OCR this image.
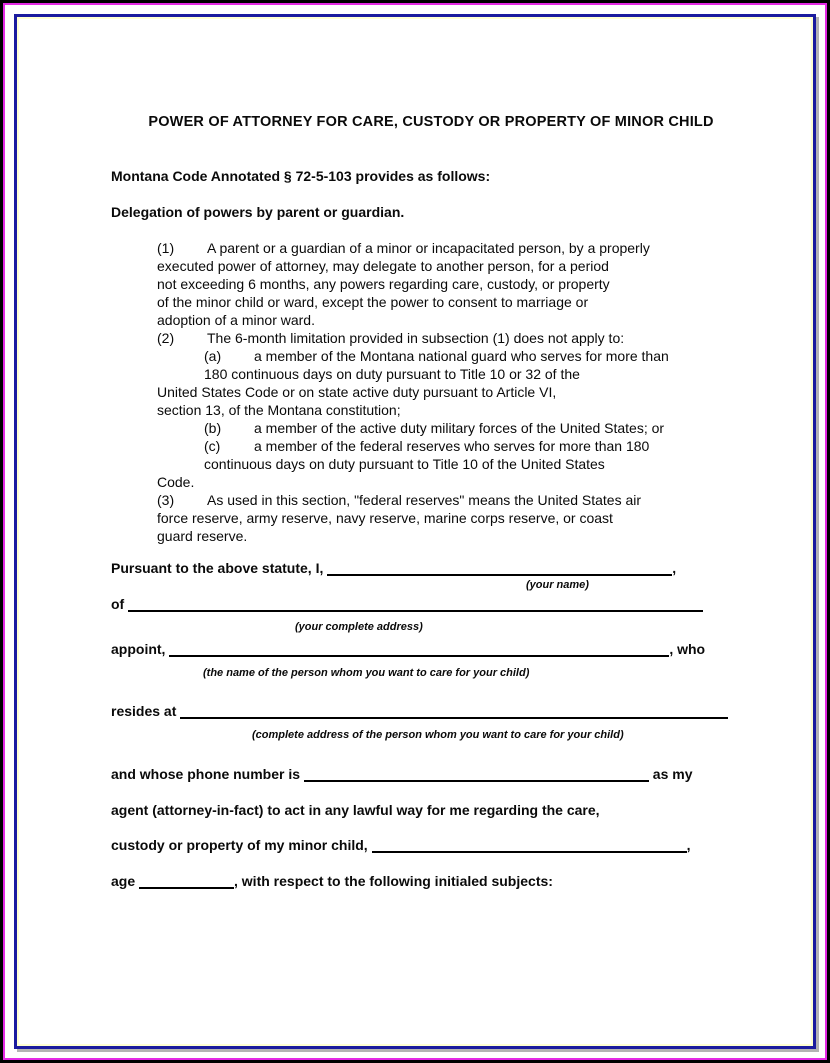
POWER OF ATTORNEY FOR CARE, CUSTODY OR PROPERTY OF MINOR CHILD
Montana Code Annotated § 72-5-103 provides as follows:
Delegation of powers by parent or guardian.
(1) A parent or a guardian of a minor or incapacitated person, by a properly
executed power of attorney, may delegate to another person, for a period
not exceeding 6 months, any powers regarding care, custody, or property
of the minor child or ward, except the power to consent to marriage or
adoption of a minor ward.
(2) The 6-month limitation provided in subsection (1) does not apply to:
(a) a member of the Montana national guard who serves for more than
180 continuous days on duty pursuant to Title 10 or 32 of the
United States Code or on state active duty pursuant to Article VI,
section 13, of the Montana constitution;
(b) a member of the active duty military forces of the United States; or
(c) a member of the federal reserves who serves for more than 180
continuous days on duty pursuant to Title 10 of the United States
Code.
(3) As used in this section, "federal reserves" means the United States air
force reserve, army reserve, navy reserve, marine corps reserve, or coast
guard reserve.
Pursuant to the above statute, I,	,
(your name)
of
(your complete address)
appoint,	, who
(the name of the person whom you want to care for your child)
resides at
(complete address of the person whom you want to care for your child)
and whose phone number is	as my
agent (attorney-in-fact) to act in any lawful way for me regarding the care,
custody or property of my minor child,	,
age	, with respect to the following initialed subjects:
